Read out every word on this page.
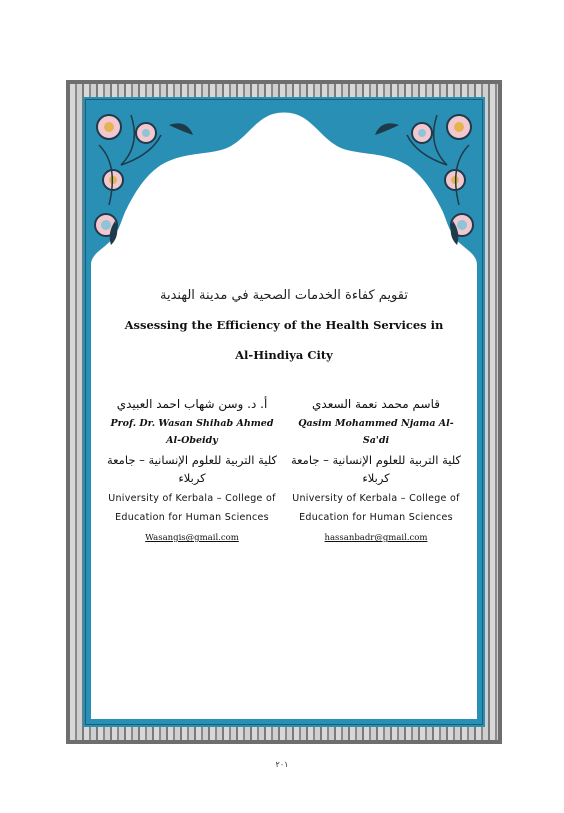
تقويم كفاءة الخدمات الصحية في مدينة الهندية
Assessing the Efficiency of the Health Services in
Al-Hindiya City
قاسم محمد نعمة السعدي
Qasim Mohammed Njama Al-Sa'di
كلية التربية للعلوم الإنسانية – جامعة كربلاء
University of Kerbala – College of Education for Human Sciences
hassanbadr@gmail.com
أ. د. وسن شهاب احمد العبيدي
Prof. Dr. Wasan Shihab Ahmed Al-Obeidy
كلية التربية للعلوم الإنسانية – جامعة كربلاء
University of Kerbala – College of Education for Human Sciences
Wasangis@gmail.com
٢٠١
